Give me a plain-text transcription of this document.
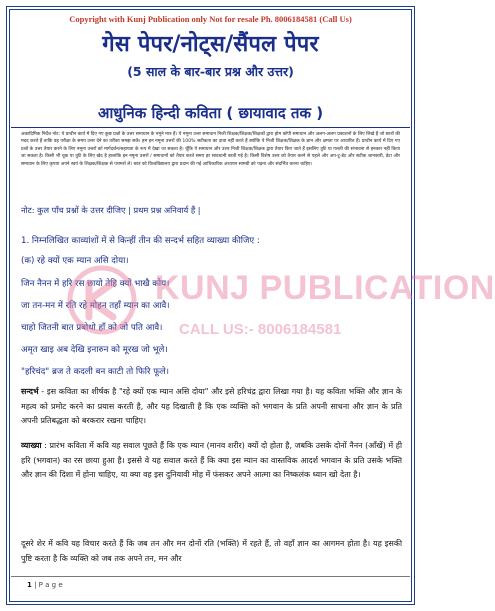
Copyright with Kunj Publication only Not for resale Ph. 8006184581 (Call Us)
गेस पेपर/नोट्स/सैंपल पेपर
(5 साल के बार-बार प्रश्न और उत्तर)
आधुनिक हिन्दी कविता ( छायावाद तक )
अकादिमिक निर्देश नोट: ये प्राचीन कार्य में दिए गए कुछ प्रश्नों के उत्तर समाधान के नमूने मात्र हैं। ये नमूना उत्तर समाधान निजी शिक्षक/शिक्षक/शिक्षकों द्वारा होम कॉपी समाधान और अलग-अलग प्रकाशनों के लिए लिखे हैं जो छात्रों की मदद करते हैं ताकि वह परीक्षा के समय उत्तर देने का तरीका समझ सकें। हम इन नमूना उत्तरों की 100% सटीकता का दावा नहीं करते हैं क्योंकि ये निजी शिक्षक/शिक्षक के ज्ञान और क्षमता पर आधारित हैं। प्राचीन कार्य में दिए गए प्रश्नों के उत्तर तैयार करने के लिए नमूना उत्तरों को मार्गदर्शन/सहायता के रूप में देखा जा सकता है। चूँकि ये समाधान और उत्तर निजी शिक्षक/शिक्षक द्वारा तैयार किए जाते हैं इसलिए त्रुटि या गलती की संभावना से इनकार नहीं किया जा सकता है। किसी भी चूक या त्रुटि के लिए खेद है हालांकि इन नमूना उत्तरों / समाधानों को तैयार करते समय हर सावधानी बरती गई है। किसी विशेष उत्तर को तैयार करने से पहले और अप-टू-डेट और सटीक जानकारी, डेटा और समाधान के लिए कृपया अपने स्वयं के शिक्षक/शिक्षक से परामर्श लें। छात्र को विश्वविद्यालय द्वारा प्रदान की गई आधिकारिक अध्ययन सामग्री को पढ़ना और संदर्भित करना चाहिए।
नोट: कुल पाँच प्रश्नों के उत्तर दीजिए | प्रथम प्रश्न अनिवार्य हैं |
1. निम्नलिखित काव्यांशों में से किन्हीं तीन की सन्दर्भ सहित व्याख्या कीजिए :
(क) रहे क्यों एक म्यान असि दोया।
जिन नैनन में हरि रस छायो तेहि क्यों भाखै कोय।
जा तन-मन में रति रहे मोहन तहाँ म्यान का आवै।
चाहो जितनी बात प्रबोधो हाँ को जो पति आवै।
अमृत खाइ अब देखि इनारुन को मूरख जो भूले।
"हरिचंद" ब्रज ते कदली बन काटी तो फिरि फूले।
सन्दर्भ - इस कविता का शीर्षक है "रहे क्यों एक म्यान असि दोया" और इसे हरिचंद्र द्वारा लिखा गया है। यह कविता भक्ति और ज्ञान के महत्व को प्रमोट करने का प्रयास करती है, और यह दिखाती है कि एक व्यक्ति को भगवान के प्रति अपनी साधना और ज्ञान के प्रति अपनी प्रतिबद्धता को बरकरार रखना चाहिए।
व्याख्या : प्रारंभ कविता में कवि यह सवाल पूछते हैं कि एक म्यान (मानव शरीर) क्यों दो होता है, जबकि उसके दोनों नैनन (आँखें) में ही हरि (भगवान) का रस छाया हुआ है। इससे वे यह सवाल करते हैं कि क्या इस म्यान का वास्तविक आदर्श भगवान के प्रति उसके भक्ति और ज्ञान की दिशा में होना चाहिए, या क्या वह इस दुनियावी मोह में फंसकर अपने आत्मा का निष्कलंक ध्यान खो देता है।
दूसरे शेर में कवि यह विचार करते हैं कि जब तन और मन दोनों रति (भक्ति) में रहते हैं, तो वहाँ ज्ञान का आगमन होता है। यह इसकी पुष्टि करता है कि व्यक्ति को जब तक अपने तन, मन और
KUNJ PUBLICATION
CALL US:- 8006184581
1 | P a g e
